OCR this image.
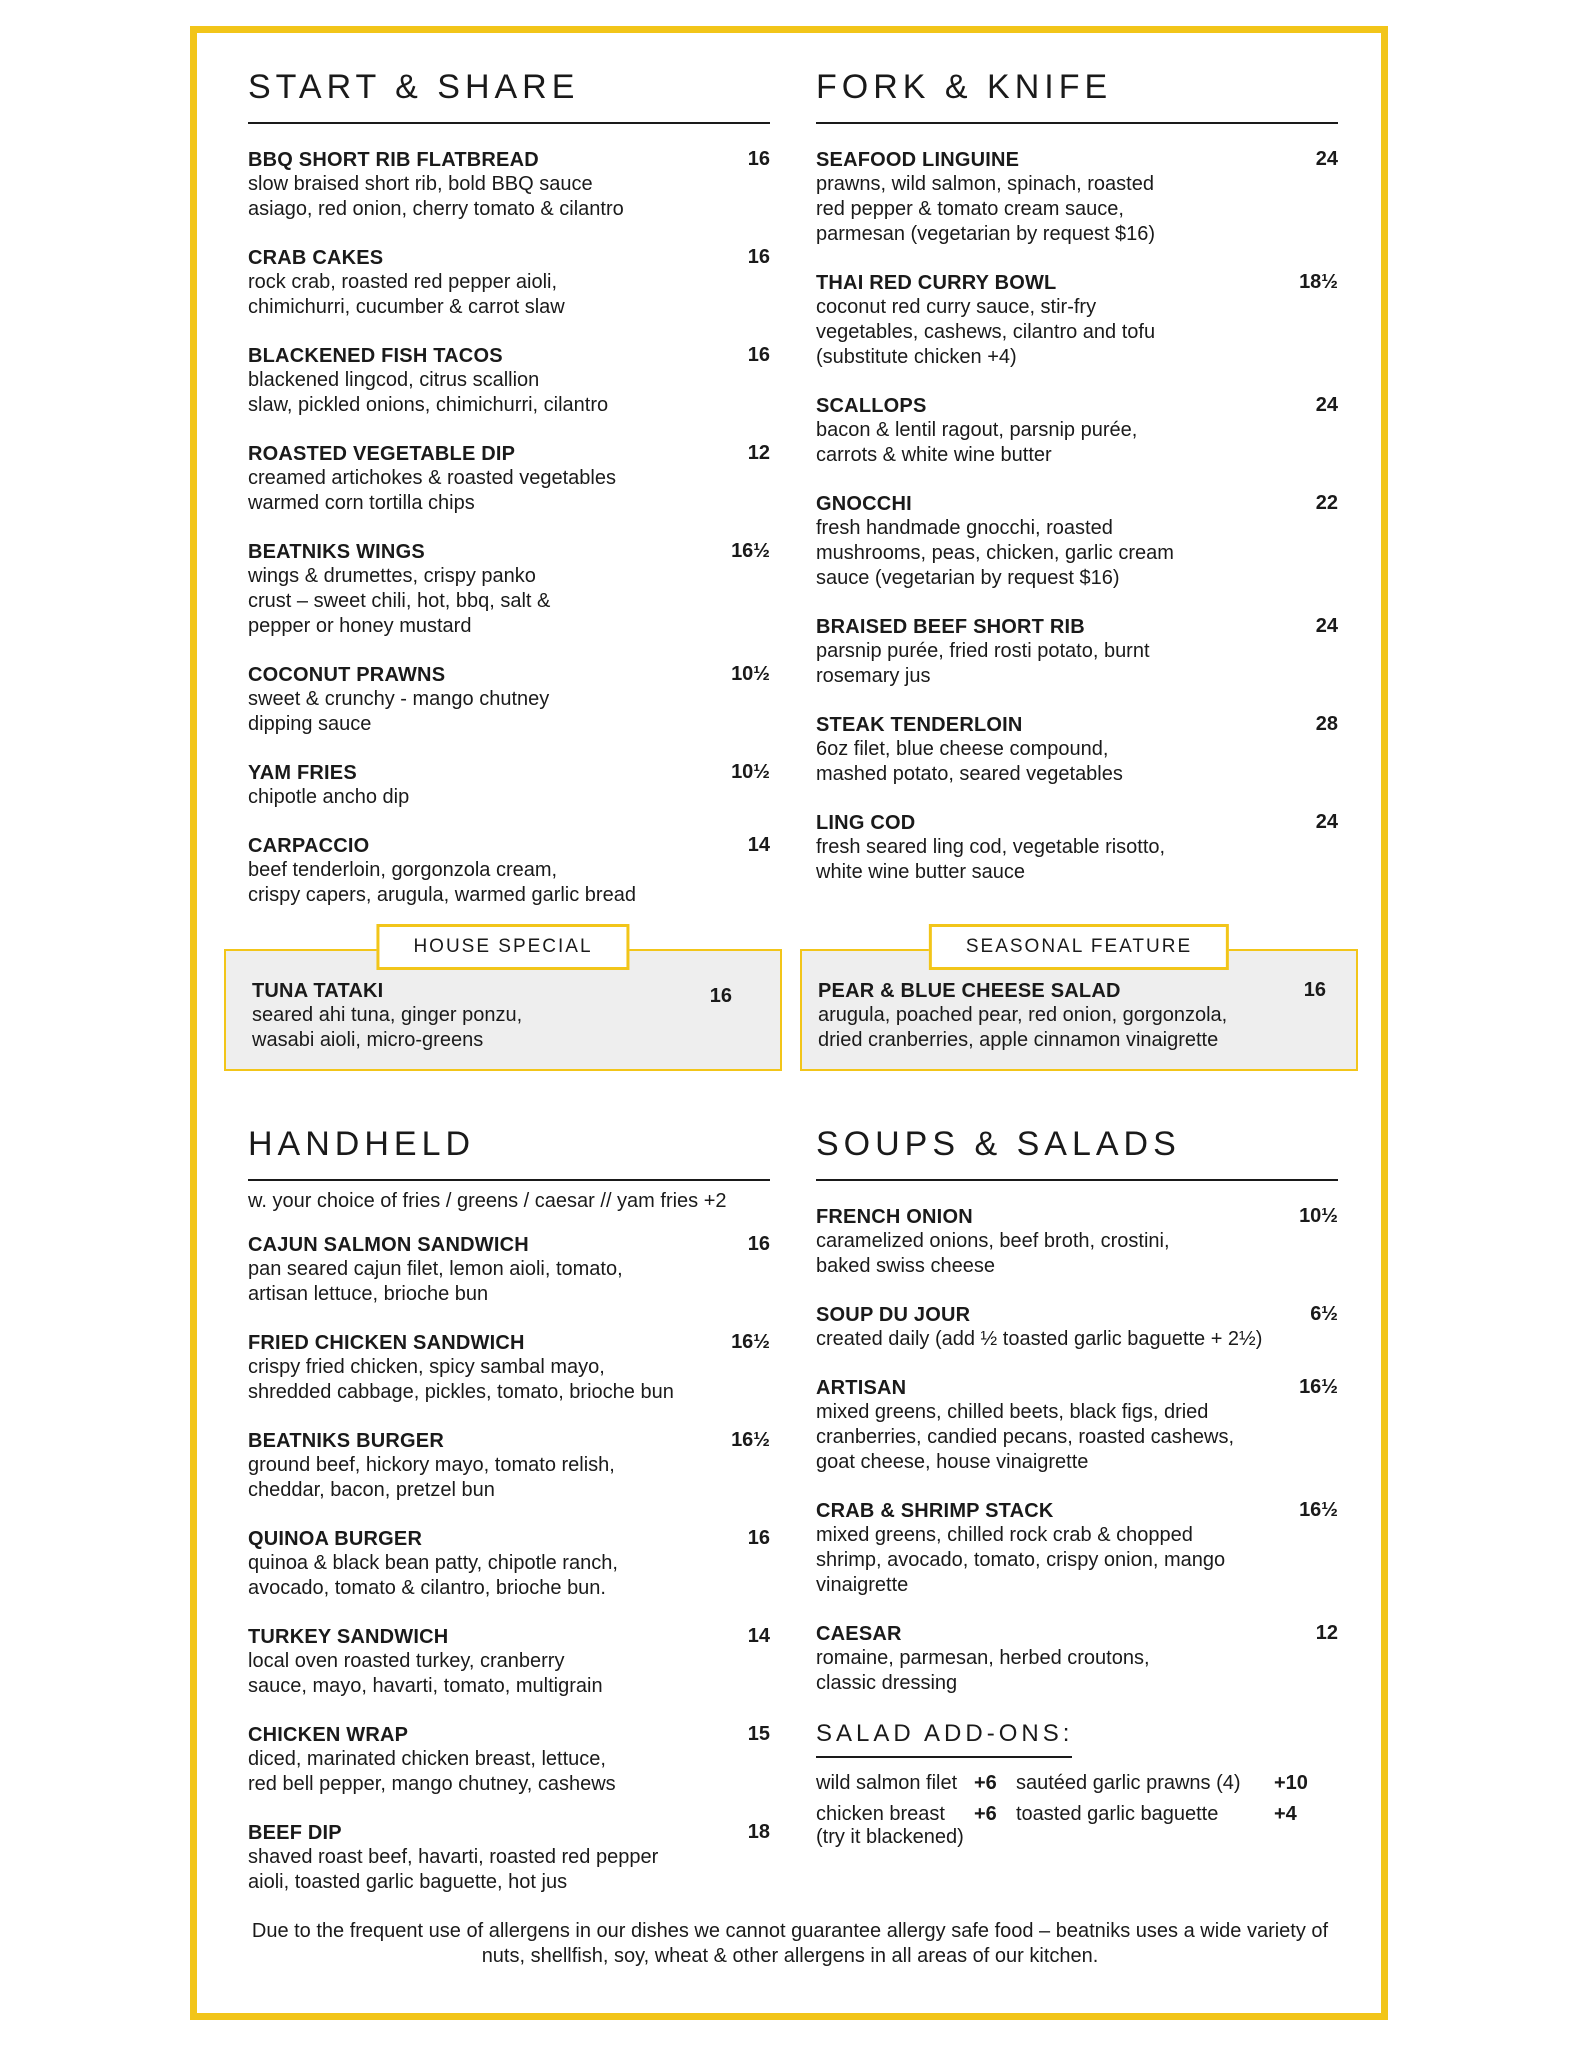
START & SHARE
BBQ SHORT RIB FLATBREAD
slow braised short rib, bold BBQ sauce
asiago, red onion, cherry tomato & cilantro
16
CRAB CAKES
rock crab, roasted red pepper aioli,
chimichurri, cucumber & carrot slaw
16
BLACKENED FISH TACOS
blackened lingcod, citrus scallion
slaw, pickled onions, chimichurri, cilantro
16
ROASTED VEGETABLE DIP
creamed artichokes & roasted vegetables
warmed corn tortilla chips
12
BEATNIKS WINGS
wings & drumettes, crispy panko
crust – sweet chili, hot, bbq, salt &
pepper or honey mustard
16½
COCONUT PRAWNS
sweet & crunchy - mango chutney
dipping sauce
10½
YAM FRIES
chipotle ancho dip
10½
CARPACCIO
beef tenderloin, gorgonzola cream,
crispy capers, arugula, warmed garlic bread
14
FORK & KNIFE
SEAFOOD LINGUINE
prawns, wild salmon, spinach, roasted
red pepper & tomato cream sauce,
parmesan (vegetarian by request $16)
24
THAI RED CURRY BOWL
coconut red curry sauce, stir-fry
vegetables, cashews, cilantro and tofu
(substitute chicken +4)
18½
SCALLOPS
bacon & lentil ragout, parsnip purée,
carrots & white wine butter
24
GNOCCHI
fresh handmade gnocchi, roasted
mushrooms, peas, chicken, garlic cream
sauce (vegetarian by request $16)
22
BRAISED BEEF SHORT RIB
parsnip purée, fried rosti potato, burnt
rosemary jus
24
STEAK TENDERLOIN
6oz filet, blue cheese compound,
mashed potato, seared vegetables
28
LING COD
fresh seared ling cod, vegetable risotto,
white wine butter sauce
24
HOUSE SPECIAL
TUNA TATAKI
seared ahi tuna, ginger ponzu,
wasabi aioli, micro-greens
16
SEASONAL FEATURE
PEAR & BLUE CHEESE SALAD
arugula, poached pear, red onion, gorgonzola,
dried cranberries, apple cinnamon vinaigrette
16
HANDHELD
w. your choice of fries / greens / caesar // yam fries +2
CAJUN SALMON SANDWICH
pan seared cajun filet, lemon aioli, tomato,
artisan lettuce, brioche bun
16
FRIED CHICKEN SANDWICH
crispy fried chicken, spicy sambal mayo,
shredded cabbage, pickles, tomato, brioche bun
16½
BEATNIKS BURGER
ground beef, hickory mayo, tomato relish,
cheddar, bacon, pretzel bun
16½
QUINOA BURGER
quinoa & black bean patty, chipotle ranch,
avocado, tomato & cilantro, brioche bun.
16
TURKEY SANDWICH
local oven roasted turkey, cranberry
sauce, mayo, havarti, tomato, multigrain
14
CHICKEN WRAP
diced, marinated chicken breast, lettuce,
red bell pepper, mango chutney, cashews
15
BEEF DIP
shaved roast beef, havarti, roasted red pepper
aioli, toasted garlic baguette, hot jus
18
SOUPS & SALADS
FRENCH ONION
caramelized onions, beef broth, crostini,
baked swiss cheese
10½
SOUP DU JOUR
created daily (add ½ toasted garlic baguette + 2½)
6½
ARTISAN
mixed greens, chilled beets, black figs, dried
cranberries, candied pecans, roasted cashews,
goat cheese, house vinaigrette
16½
CRAB & SHRIMP STACK
mixed greens, chilled rock crab & chopped
shrimp, avocado, tomato, crispy onion, mango
vinaigrette
16½
CAESAR
romaine, parmesan, herbed croutons,
classic dressing
12
SALAD ADD-ONS:
wild salmon filet +6 sautéed garlic prawns (4)	+10
chicken breast
(try it blackened)
+6 toasted garlic baguette	+4
Due to the frequent use of allergens in our dishes we cannot guarantee allergy safe food – beatniks uses a wide variety of nuts, shellfish, soy, wheat & other allergens in all areas of our kitchen.
